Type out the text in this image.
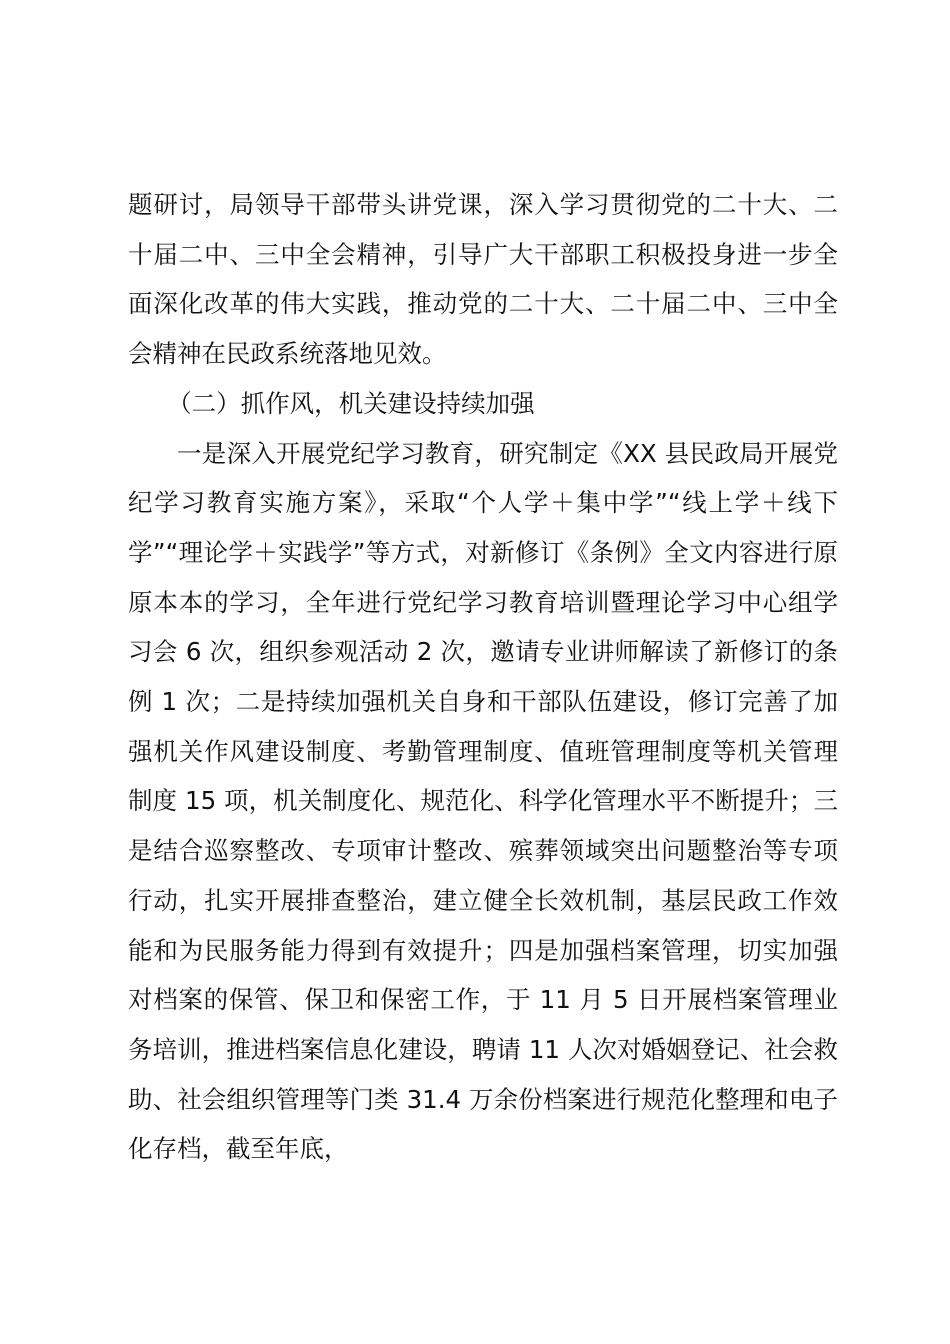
题研讨，局领导干部带头讲党课，深入学习贯彻党的二十大、二十届二中、三中全会精神，引导广大干部职工积极投身进一步全面深化改革的伟大实践，推动党的二十大、二十届二中、三中全会精神在民政系统落地见效。

（二）抓作风，机关建设持续加强

一是深入开展党纪学习教育，研究制定《XX 县民政局开展党纪学习教育实施方案》，采取“个人学＋集中学”“线上学＋线下学”“理论学＋实践学”等方式，对新修订《条例》全文内容进行原原本本的学习，全年进行党纪学习教育培训暨理论学习中心组学习会 6 次，组织参观活动 2 次，邀请专业讲师解读了新修订的条例 1 次；二是持续加强机关自身和干部队伍建设，修订完善了加强机关作风建设制度、考勤管理制度、值班管理制度等机关管理制度 15 项，机关制度化、规范化、科学化管理水平不断提升；三是结合巡察整改、专项审计整改、殡葬领域突出问题整治等专项行动，扎实开展排查整治，建立健全长效机制，基层民政工作效能和为民服务能力得到有效提升；四是加强档案管理，切实加强对档案的保管、保卫和保密工作，于 11 月 5 日开展档案管理业务培训，推进档案信息化建设，聘请 11 人次对婚姻登记、社会救助、社会组织管理等门类 31.4 万余份档案进行规范化整理和电子化存档，截至年底，
